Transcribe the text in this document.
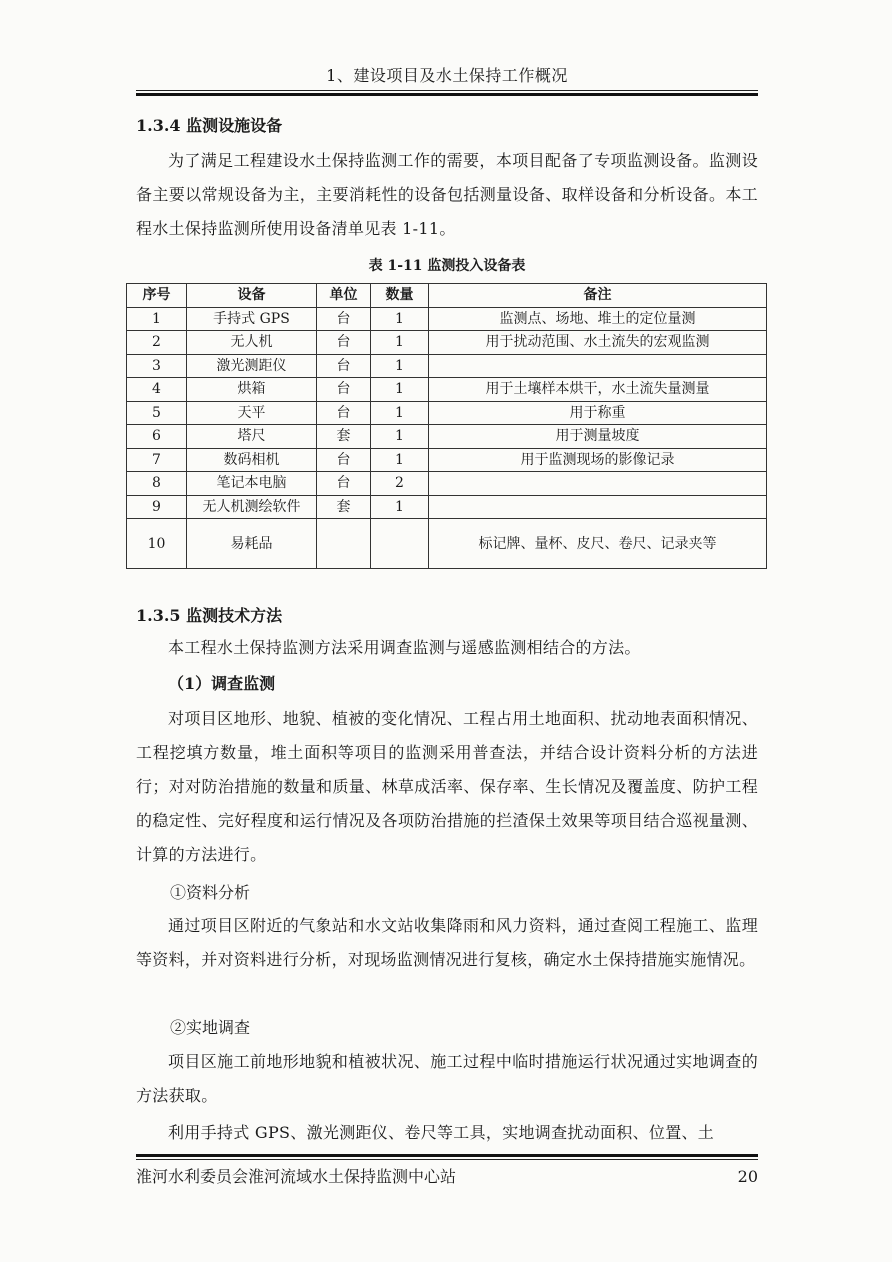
1、建设项目及水土保持工作概况
1.3.4 监测设施设备
为了满足工程建设水土保持监测工作的需要，本项目配备了专项监测设备。监测设备主要以常规设备为主，主要消耗性的设备包括测量设备、取样设备和分析设备。本工程水土保持监测所使用设备清单见表 1-11。
表 1-11 监测投入设备表
序号	设备	单位	数量	备注
1	手持式 GPS	台	1	监测点、场地、堆土的定位量测
2	无人机	台	1	用于扰动范围、水土流失的宏观监测
3	激光测距仪	台	1	
4	烘箱	台	1	用于土壤样本烘干，水土流失量测量
5	天平	台	1	用于称重
6	塔尺	套	1	用于测量坡度
7	数码相机	台	1	用于监测现场的影像记录
8	笔记本电脑	台	2	
9	无人机测绘软件	套	1	
10	易耗品			标记牌、量杯、皮尺、卷尺、记录夹等
1.3.5 监测技术方法
本工程水土保持监测方法采用调查监测与遥感监测相结合的方法。
（1）调查监测
对项目区地形、地貌、植被的变化情况、工程占用土地面积、扰动地表面积情况、工程挖填方数量，堆土面积等项目的监测采用普查法，并结合设计资料分析的方法进行；对对防治措施的数量和质量、林草成活率、保存率、生长情况及覆盖度、防护工程的稳定性、完好程度和运行情况及各项防治措施的拦渣保土效果等项目结合巡视量测、计算的方法进行。
①资料分析
通过项目区附近的气象站和水文站收集降雨和风力资料，通过查阅工程施工、监理等资料，并对资料进行分析，对现场监测情况进行复核，确定水土保持措施实施情况。
②实地调查
项目区施工前地形地貌和植被状况、施工过程中临时措施运行状况通过实地调查的方法获取。
利用手持式 GPS、激光测距仪、卷尺等工具，实地调查扰动面积、位置、土
淮河水利委员会淮河流域水土保持监测中心站	20
